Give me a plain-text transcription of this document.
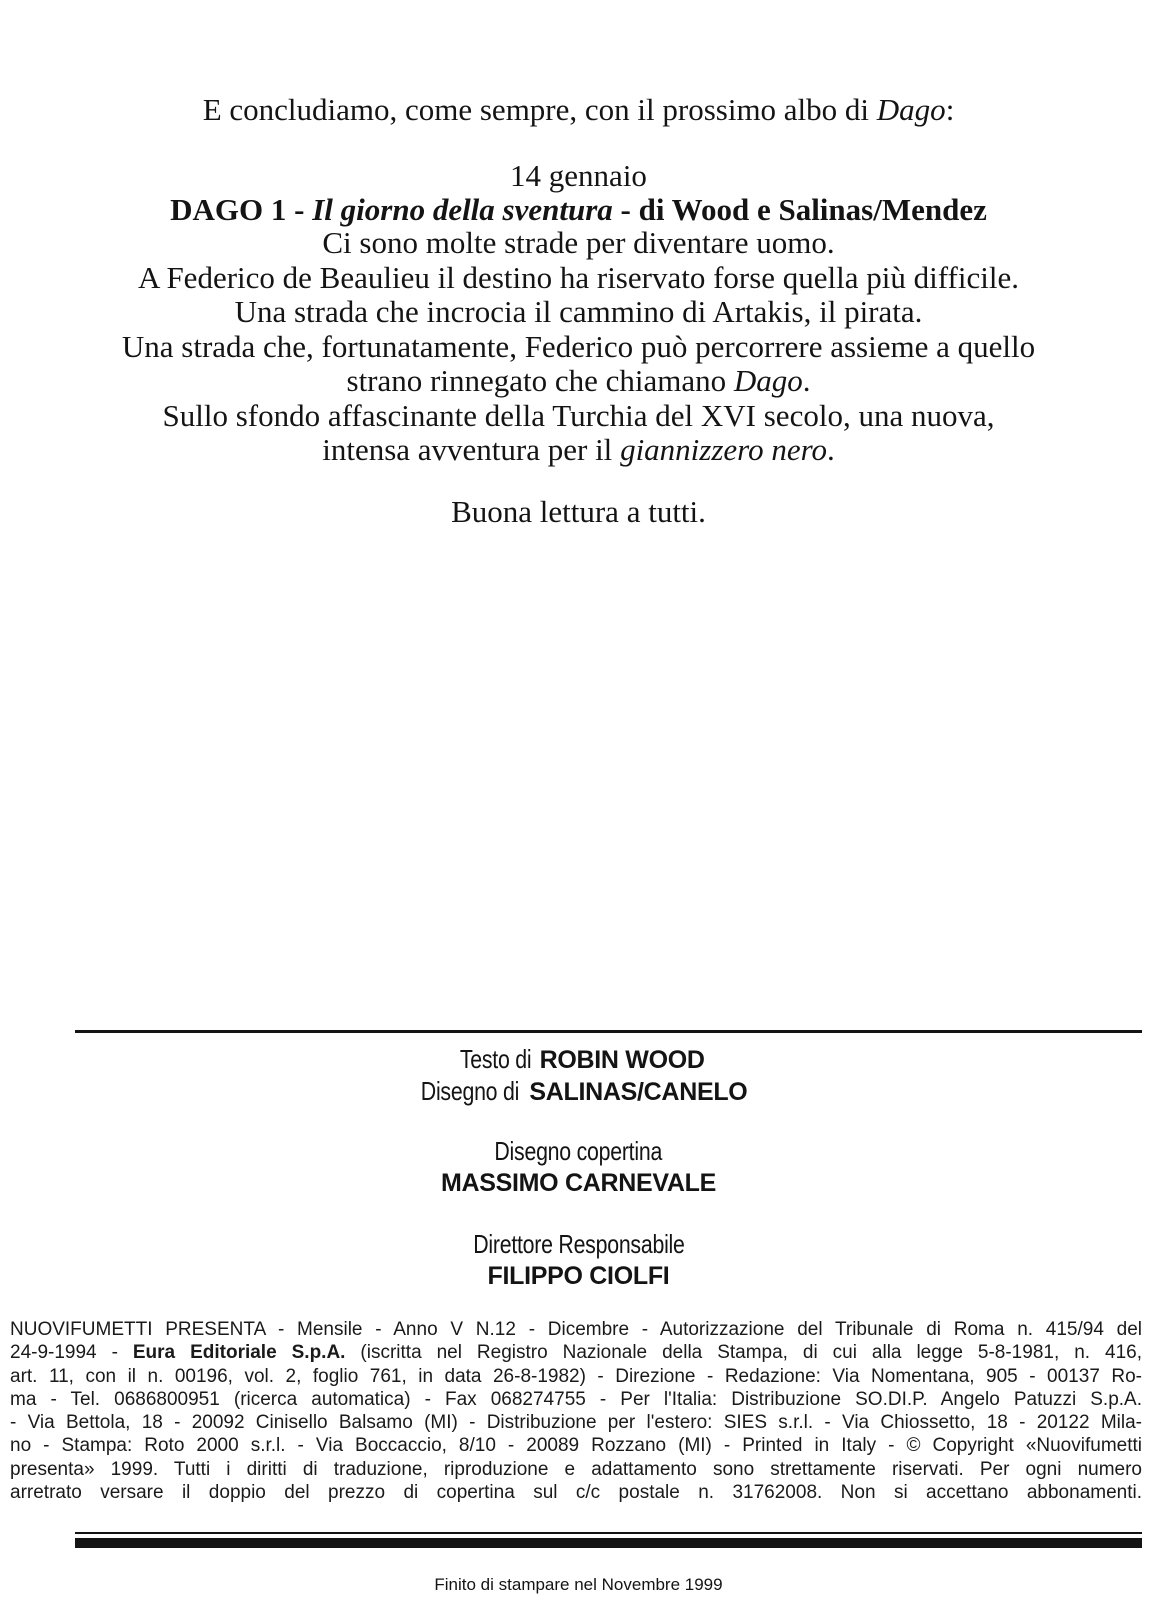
E concludiamo, come sempre, con il prossimo albo di Dago:
14 gennaio
DAGO 1 - Il giorno della sventura - di Wood e Salinas/Mendez
Ci sono molte strade per diventare uomo.
A Federico de Beaulieu il destino ha riservato forse quella più difficile.
Una strada che incrocia il cammino di Artakis, il pirata.
Una strada che, fortunatamente, Federico può percorrere assieme a quello
strano rinnegato che chiamano Dago.
Sullo sfondo affascinante della Turchia del XVI secolo, una nuova,
intensa avventura per il giannizzero nero.
Buona lettura a tutti.
Testo diROBIN WOOD
Disegno diSALINAS/CANELO
Disegno copertina
MASSIMO CARNEVALE
Direttore Responsabile
FILIPPO CIOLFI
NUOVIFUMETTI PRESENTA - Mensile - Anno V N.12 - Dicembre - Autorizzazione del Tribunale di Roma n. 415/94 del
24-9-1994 - Eura Editoriale S.p.A. (iscritta nel Registro Nazionale della Stampa, di cui alla legge 5-8-1981, n. 416,
art. 11, con il n. 00196, vol. 2, foglio 761, in data 26-8-1982) - Direzione - Redazione: Via Nomentana, 905 - 00137 Ro-
ma - Tel. 0686800951 (ricerca automatica) - Fax 068274755 - Per l'Italia: Distribuzione SO.DI.P. Angelo Patuzzi S.p.A.
- Via Bettola, 18 - 20092 Cinisello Balsamo (MI) - Distribuzione per l'estero: SIES s.r.l. - Via Chiossetto, 18 - 20122 Mila-
no - Stampa: Roto 2000 s.r.l. - Via Boccaccio, 8/10 - 20089 Rozzano (MI) - Printed in Italy - © Copyright «Nuovifumetti
presenta» 1999. Tutti i diritti di traduzione, riproduzione e adattamento sono strettamente riservati. Per ogni numero
arretrato versare il doppio del prezzo di copertina sul c/c postale n. 31762008. Non si accettano abbonamenti.
Finito di stampare nel Novembre 1999
